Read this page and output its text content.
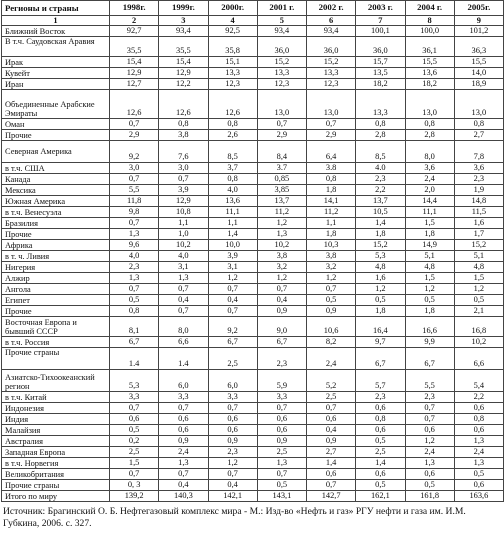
Регионы и страны	1998г.	1999г.	2000г.	2001 г.	2002 г.	2003 г.	2004 г.	2005г.
1	2	3	4	5	6	7	8	9
Ближний Восток	92,7	93,4	92,5	93,4	93,4	100,1	100,0	101,2
В т.ч. Саудовская Аравия	35,5	35,5	35,8	36,0	36,0	36,0	36,1	36,3
Ирак	15,4	15,4	15,1	15,2	15,2	15,7	15,5	15,5
Кувейт	12,9	12,9	13,3	13,3	13,3	13,5	13,6	14,0
Иран	12,7	12,2	12,3	12,3	12,3	18,2	18,2	18,9
Объединенные Арабские Эмираты	12,6	12,6	12,6	13,0	13,0	13,3	13,0	13,0
Оман	0,7	0,8	0,8	0,7	0,7	0,8	0,8	0,8
Прочие	2,9	3,8	2,6	2,9	2,9	2,8	2,8	2,7
Северная Америка	9,2	7,6	8,5	8,4	6,4	8,5	8,0	7,8
в т.ч. США	3,0	3,0	3,7	3.7	3.8	4.0	3,6	3,6
Канада	0,7	0,7	0,8	0,85	0,8	2,3	2,4	2,3
Мексика	5,5	3,9	4,0	3,85	1,8	2,2	2,0	1,9
Южная Америка	11,8	12,9	13,6	13,7	14,1	13,7	14,4	14,8
в т.ч. Венесуэла	9,8	10,8	11,1	11,2	11,2	10,5	11,1	11,5
Бразилия	0,7	1,1	1,1	1,2	1,1	1,4	1,5	1,6
Прочие	1,3	1,0	1,4	1,3	1,8	1,8	1,8	1,7
Африка	9,6	10,2	10,0	10,2	10,3	15,2	14,9	15,2
в т. ч. Ливия	4,0	4,0	3,9	3,8	3,8	5,3	5,1	5,1
Нигерия	2,3	3,1	3,1	3,2	3,2	4,8	4,8	4,8
Алжир	1,3	1,3	1,2	1,2	1,2	1,6	1,5	1,5
Ангола	0,7	0,7	0,7	0,7	0,7	1,2	1,2	1,2
Египет	0,5	0,4	0,4	0,4	0,5	0,5	0,5	0,5
Прочие	0,8	0,7	0,7	0,9	0,9	1,8	1,8	2,1
Восточная Европа и бывший СССР	8,1	8,0	9,2	9,0	10,6	16,4	16,6	16,8
в т.ч. Россия	6,7	6,6	6,7	6,7	8,2	9,7	9,9	10,2
Прочие страны	1.4	1.4	2,5	2,3	2,4	6,7	6,7	6,6
Азиатско-Тихоокеанский регион	5,3	6,0	6,0	5,9	5,2	5,7	5,5	5,4
в т.ч. Китай	3,3	3,3	3,3	3,3	2,5	2,3	2,3	2,2
Индонезия	0,7	0,7	0,7	0,7	0,7	0,6	0,7	0,6
Индия	0,6	0,6	0,6	0,6	0,6	0,8	0,7	0,8
Малайзия	0,5	0,6	0,6	0,6	0,4	0,6	0,6	0,6
Австралия	0,2	0,9	0,9	0,9	0,9	0,5	1,2	1,3
Западная Европа	2,5	2,4	2,3	2,5	2,7	2,5	2,4	2,4
в т.ч. Норвегия	1,5	1,3	1,2	1,3	1,4	1,4	1,3	1,3
Великобритания	0,7	0,7	0,7	0,7	0,6	0,6	0,6	0,5
Прочие страны	0, 3	0,4	0,4	0,5	0,7	0,5	0,5	0,6
Итого по миру	139,2	140,3	142,1	143,1	142,7	162,1	161,8	163,6
Источник: Брагинский О. Б. Нефтегазовый комплекс мира - М.: Изд-во «Нефть и газ» РГУ нефти и газа им. И.М. Губкина, 2006. с. 327.
